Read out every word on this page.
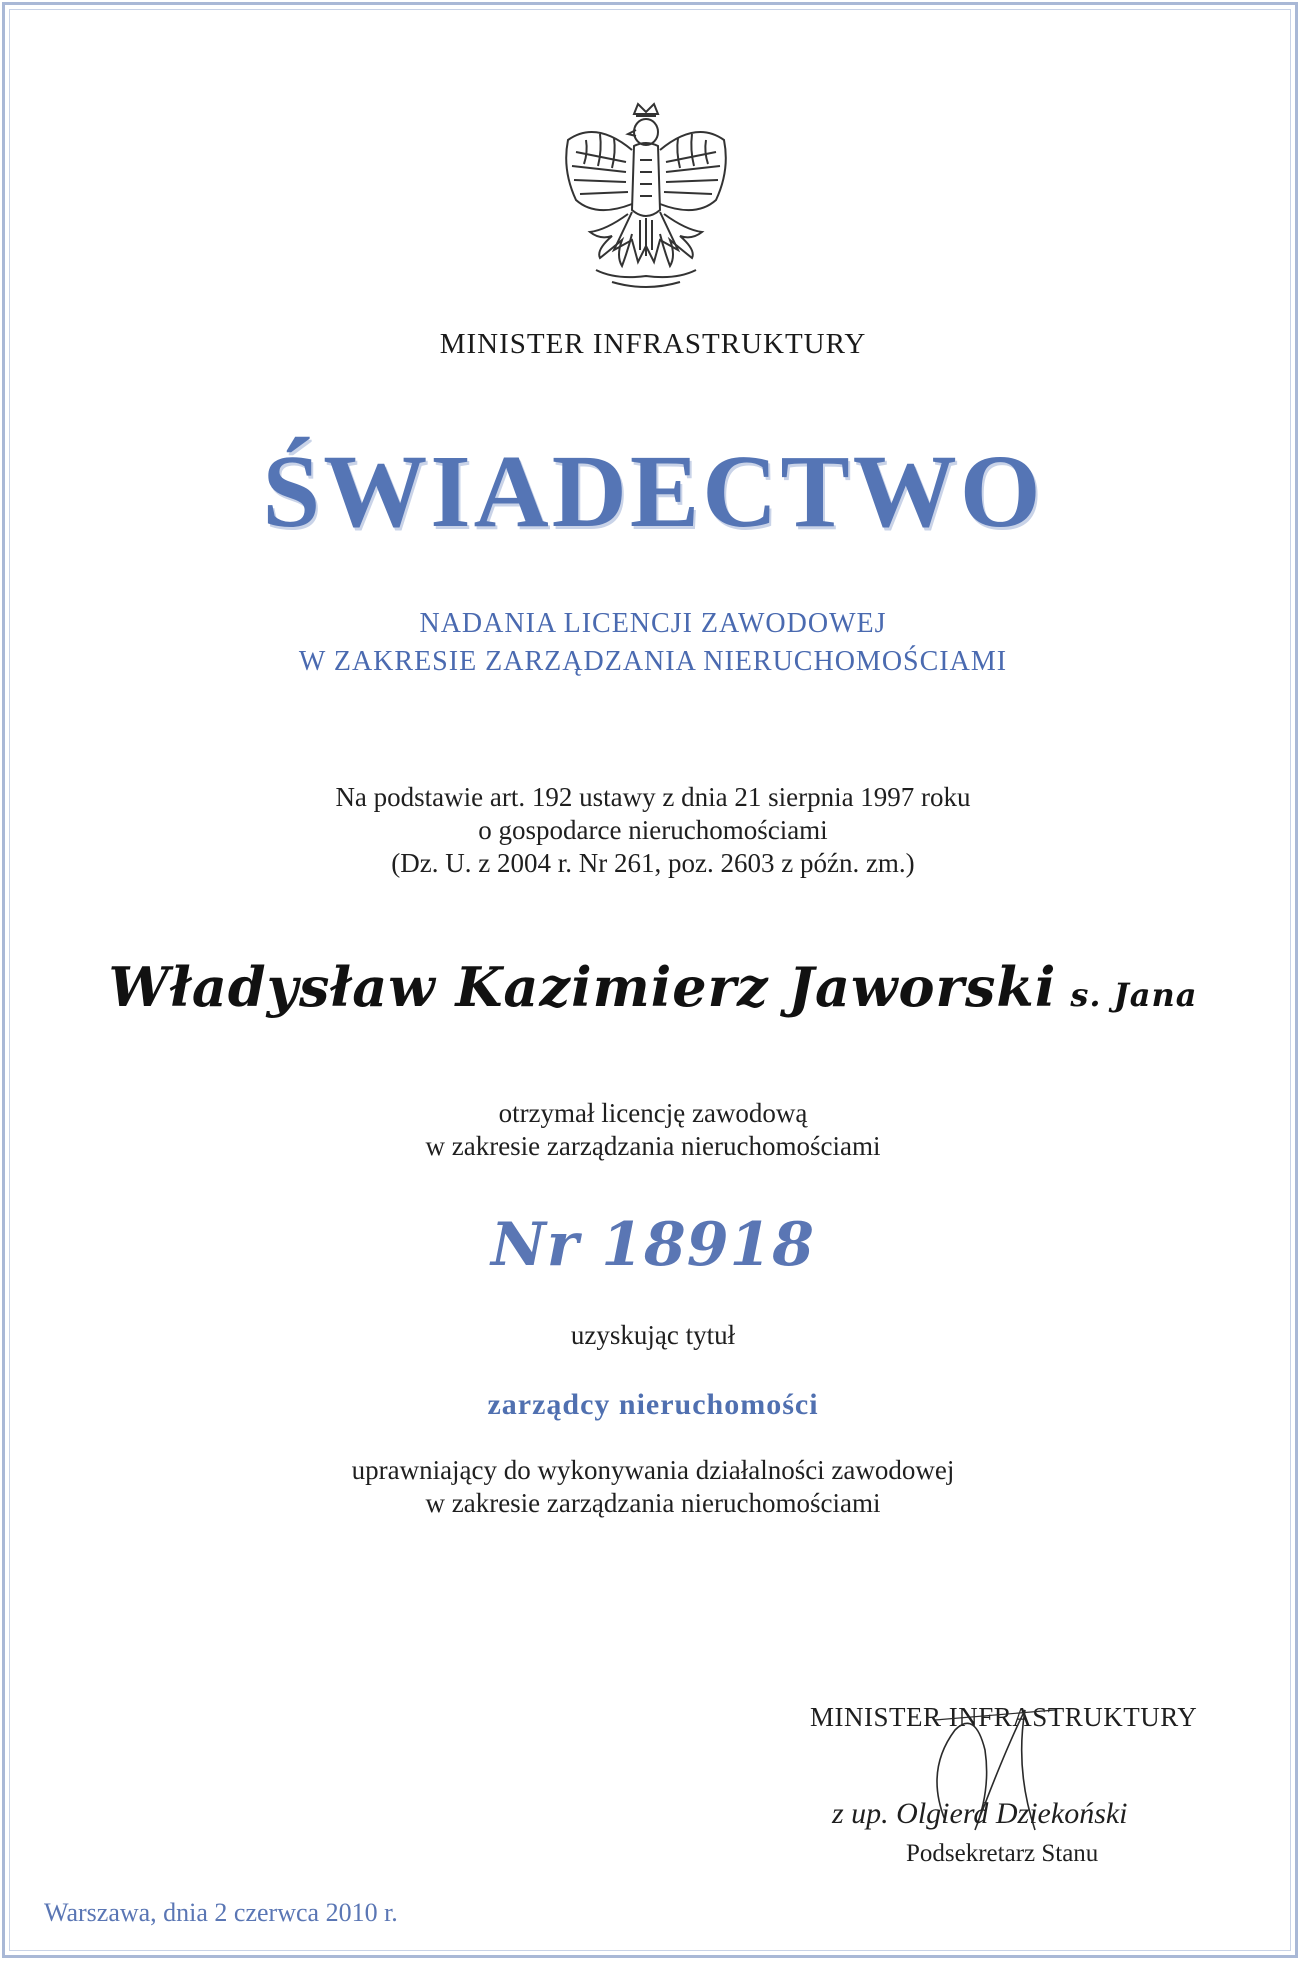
MINISTER INFRASTRUKTURY
ŚWIADECTWO
NADANIA LICENCJI ZAWODOWEJ
W ZAKRESIE ZARZĄDZANIA NIERUCHOMOŚCIAMI
Na podstawie art. 192 ustawy z dnia 21 sierpnia 1997 roku
o gospodarce nieruchomościami
(Dz. U. z 2004 r. Nr 261, poz. 2603 z późn. zm.)
Władysław Kazimierz Jaworski s. Jana
otrzymał licencję zawodową
w zakresie zarządzania nieruchomościami
Nr 18918
uzyskując tytuł
zarządcy nieruchomości
uprawniający do wykonywania działalności zawodowej
w zakresie zarządzania nieruchomościami
MINISTER INFRASTRUKTURY
z up. Olgierd Dziekoński
Podsekretarz Stanu
Warszawa, dnia 2 czerwca 2010 r.
